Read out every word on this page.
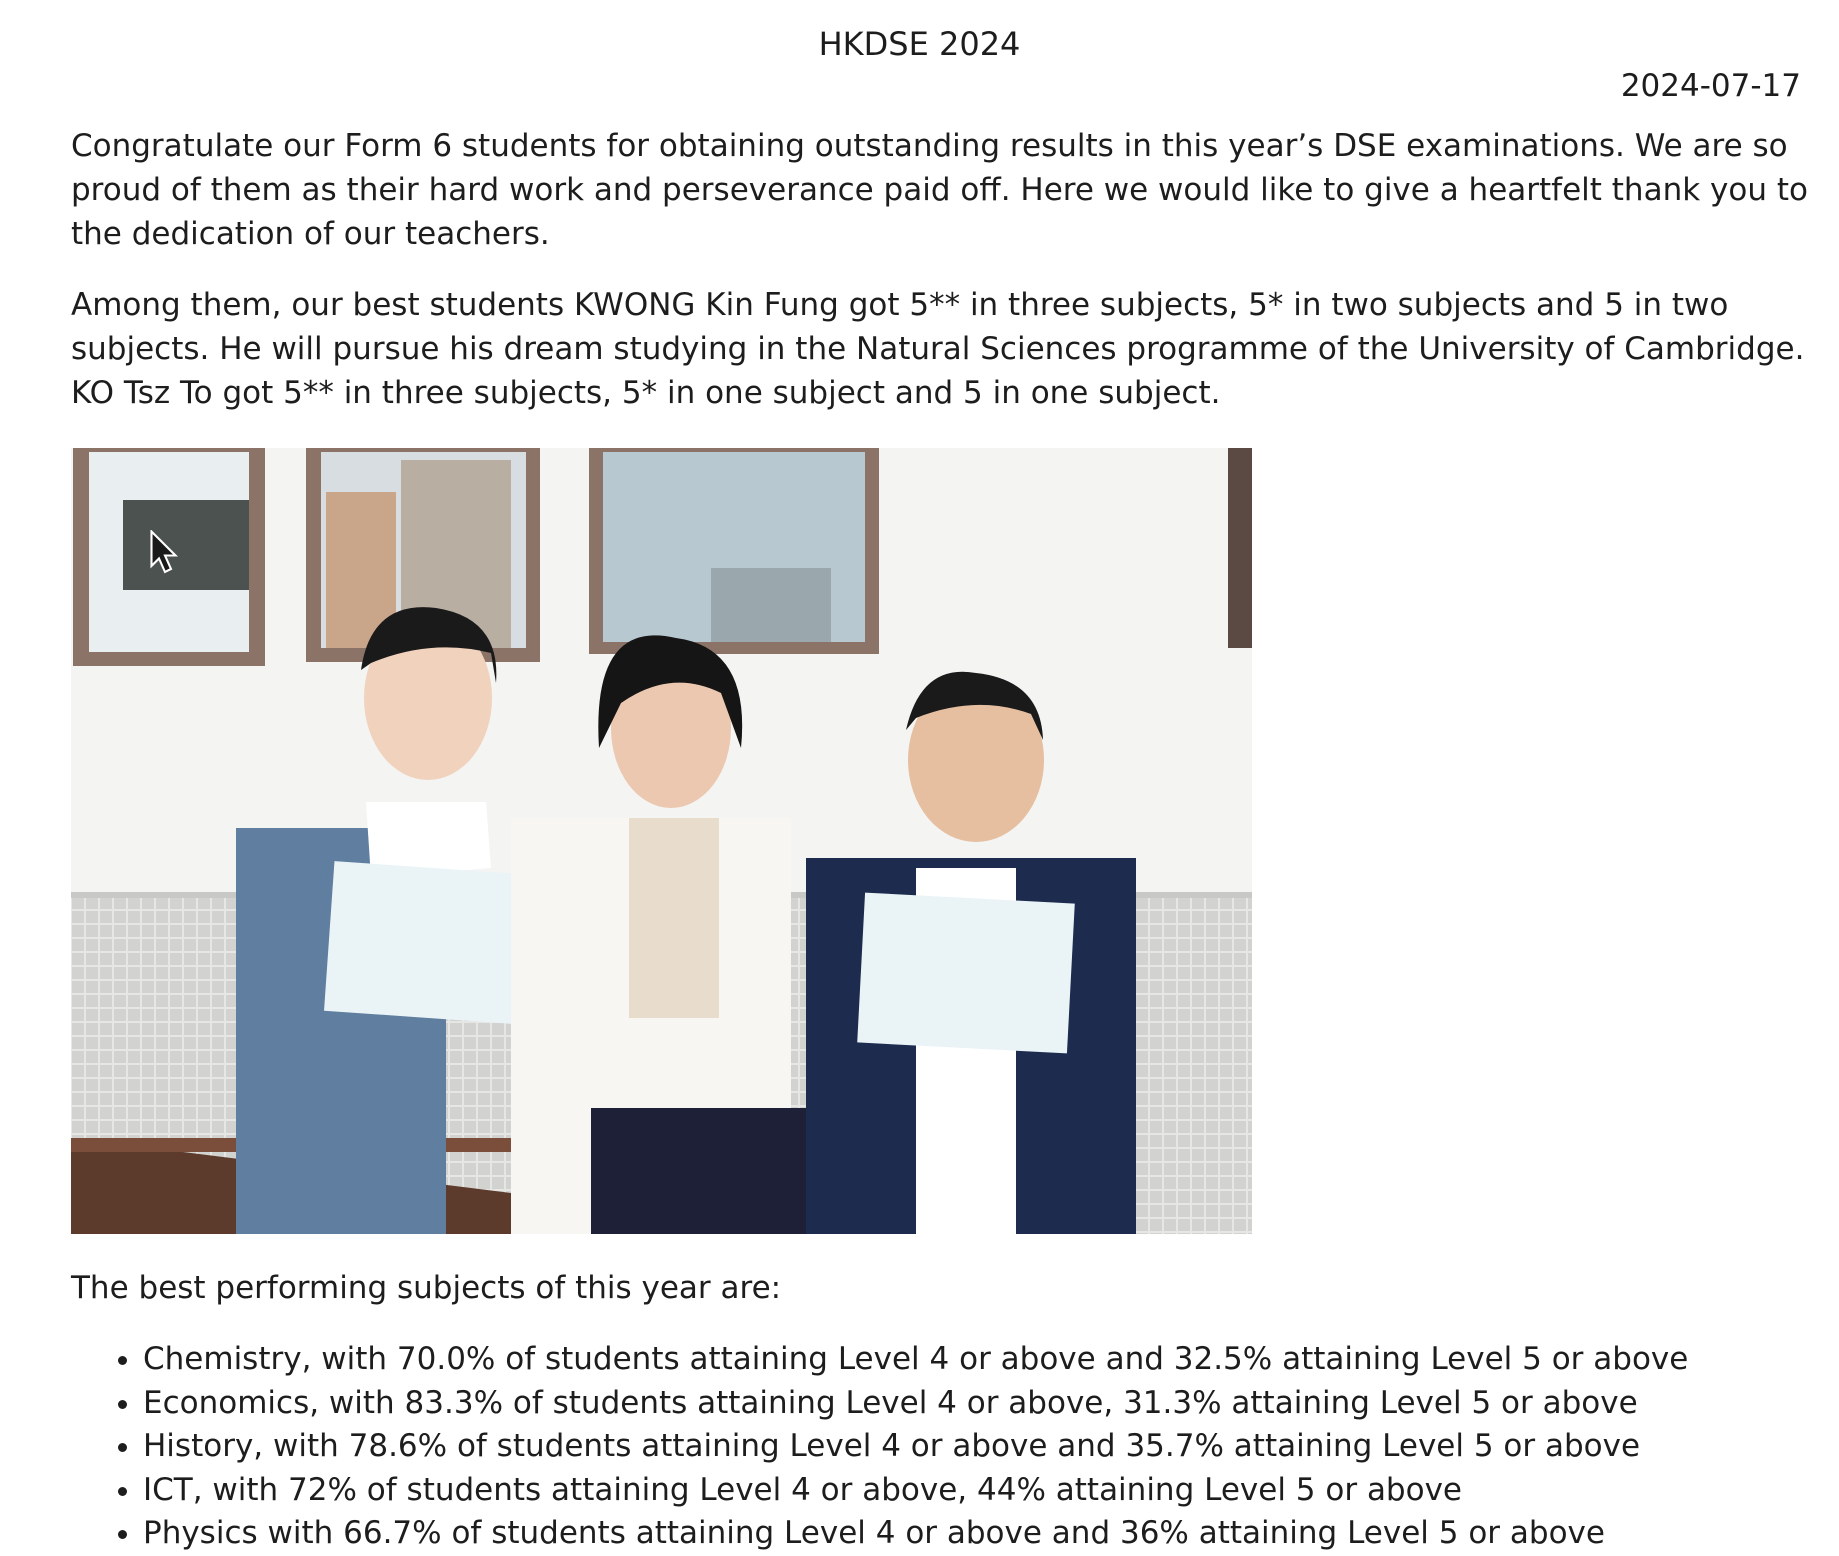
HKDSE 2024
2024-07-17

Congratulate our Form 6 students for obtaining outstanding results in this year’s DSE examinations. We are so proud of them as their hard work and perseverance paid off. Here we would like to give a heartfelt thank you to the dedication of our teachers.

Among them, our best students KWONG Kin Fung got 5** in three subjects, 5* in two subjects and 5 in two subjects. He will pursue his dream studying in the Natural Sciences programme of the University of Cambridge. KO Tsz To got 5** in three subjects, 5* in one subject and 5 in one subject.

The best performing subjects of this year are:

• Chemistry, with 70.0% of students attaining Level 4 or above and 32.5% attaining Level 5 or above
• Economics, with 83.3% of students attaining Level 4 or above, 31.3% attaining Level 5 or above
• History, with 78.6% of students attaining Level 4 or above and 35.7% attaining Level 5 or above
• ICT, with 72% of students attaining Level 4 or above, 44% attaining Level 5 or above
• Physics with 66.7% of students attaining Level 4 or above and 36% attaining Level 5 or above
